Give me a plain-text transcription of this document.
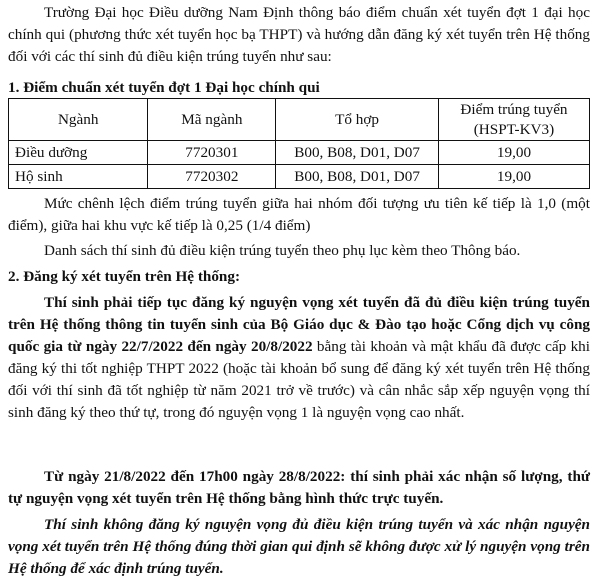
Trường Đại học Điều dưỡng Nam Định thông báo điểm chuẩn xét tuyển đợt 1 đại học chính qui (phương thức xét tuyển học bạ THPT) và hướng dẫn đăng ký xét tuyển trên Hệ thống đối với các thí sinh đủ điều kiện trúng tuyển như sau:

1. Điểm chuẩn xét tuyển đợt 1 Đại học chính qui

Ngành	Mã ngành	Tổ hợp	Điểm trúng tuyển (HSPT-KV3)
Điều dưỡng	7720301	B00, B08, D01, D07	19,00
Hộ sinh	7720302	B00, B08, D01, D07	19,00

Mức chênh lệch điểm trúng tuyển giữa hai nhóm đối tượng ưu tiên kế tiếp là 1,0 (một điểm), giữa hai khu vực kế tiếp là 0,25 (1/4 điểm)

Danh sách thí sinh đủ điều kiện trúng tuyển theo phụ lục kèm theo Thông báo.

2. Đăng ký xét tuyển trên Hệ thống:

Thí sinh phải tiếp tục đăng ký nguyện vọng xét tuyển đã đủ điều kiện trúng tuyển trên Hệ thống thông tin tuyển sinh của Bộ Giáo dục & Đào tạo hoặc Cổng dịch vụ công quốc gia từ ngày 22/7/2022 đến ngày 20/8/2022 bằng tài khoản và mật khẩu đã được cấp khi đăng ký thi tốt nghiệp THPT 2022 (hoặc tài khoản bổ sung để đăng ký xét tuyển trên Hệ thống đối với thí sinh đã tốt nghiệp từ năm 2021 trở về trước) và cân nhắc sắp xếp nguyện vọng thí sinh đăng ký theo thứ tự, trong đó nguyện vọng 1 là nguyện vọng cao nhất.

Từ ngày 21/8/2022 đến 17h00 ngày 28/8/2022: thí sinh phải xác nhận số lượng, thứ tự nguyện vọng xét tuyển trên Hệ thống bằng hình thức trực tuyến.

Thí sinh không đăng ký nguyện vọng đủ điều kiện trúng tuyển và xác nhận nguyện vọng xét tuyển trên Hệ thống đúng thời gian qui định sẽ không được xử lý nguyện vọng trên Hệ thống để xác định trúng tuyển.
